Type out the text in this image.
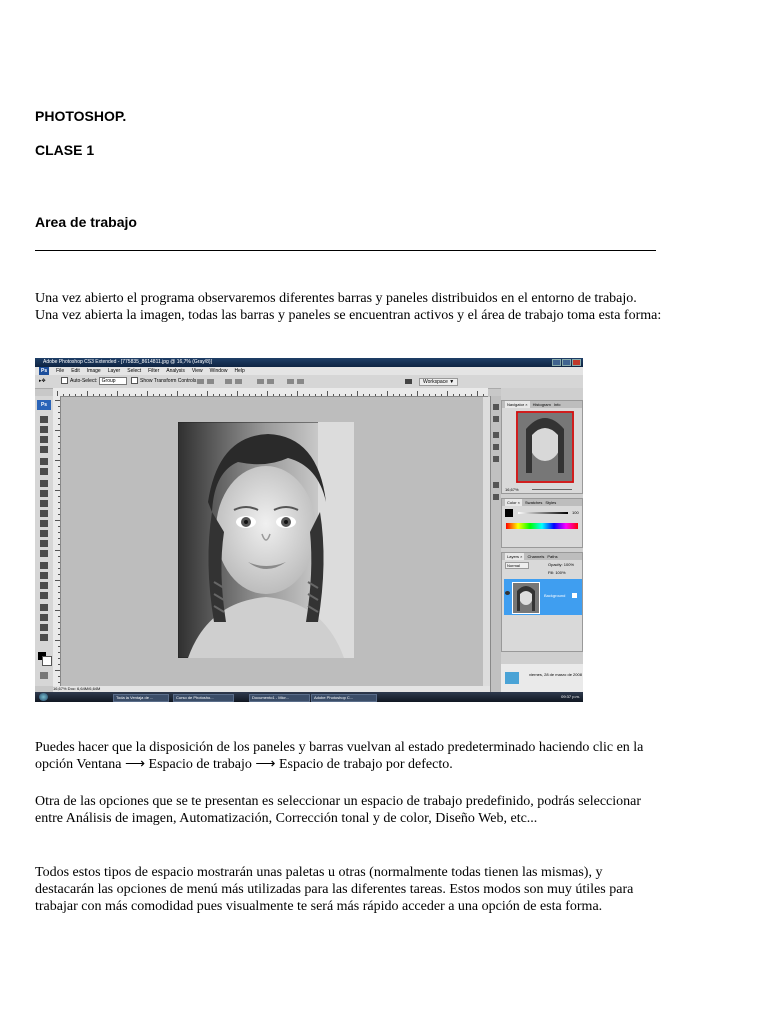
PHOTOSHOP.
CLASE 1
Area de trabajo

Una vez abierto el programa observaremos diferentes barras y paneles distribuidos en el entorno de trabajo. Una vez abierta la imagen, todas las barras y paneles se encuentran activos y el área de trabajo toma esta forma:

Adobe Photoshop CS3 Extended - [775835_8614811.jpg @ 16,7% (Gray/8)]
Ps	File Edit Image Layer Select Filter Analysis View Window Help
▸✥	Auto-Select: Group	Show Transform Controls	Workspace ▼
Ps
16,67% Doc: 6,64M/6,64M
Navigator ×	Histogram Info
16,67%
Color ×	Swatches Styles
100
Layers ×	Channels Paths
Normal	Opacity: 100%
Fill: 100%
Background
viernes, 28 de marzo de 2008
Toda la Ventaja de ...	Curso de Photosho...	Documento1 - Micr...	Adobe Photoshop C...	09:37 p.m.

Puedes hacer que la disposición de los paneles y barras vuelvan al estado predeterminado haciendo clic en la opción Ventana ⟶ Espacio de trabajo ⟶ Espacio de trabajo por defecto.

Otra de las opciones que se te presentan es seleccionar un espacio de trabajo predefinido, podrás seleccionar entre Análisis de imagen, Automatización, Corrección tonal y de color, Diseño Web, etc...

Todos estos tipos de espacio mostrarán unas paletas u otras (normalmente todas tienen las mismas), y destacarán las opciones de menú más utilizadas para las diferentes tareas. Estos modos son muy útiles para trabajar con más comodidad pues visualmente te será más rápido acceder a una opción de esta forma.
